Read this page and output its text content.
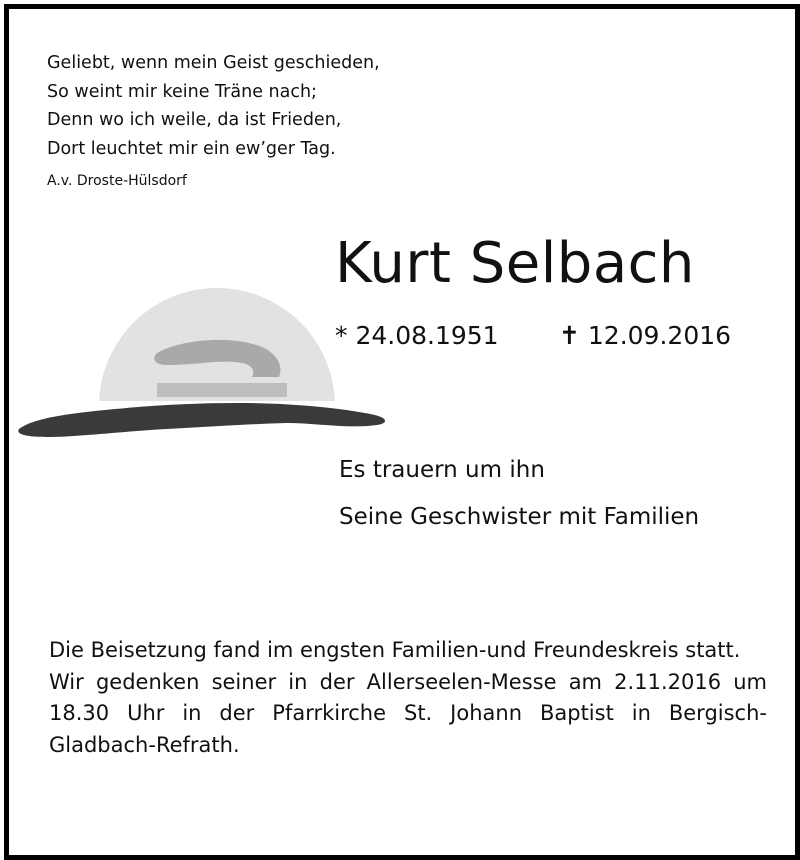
Geliebt, wenn mein Geist geschieden,
So weint mir keine Träne nach;
Denn wo ich weile, da ist Frieden,
Dort leuchtet mir ein ew’ger Tag.
A.v. Droste-Hülsdorf
Kurt Selbach
* 24.08.1951 ✝ 12.09.2016
Es trauern um ihn
Seine Geschwister mit Familien

Die Beisetzung fand im engsten Familien-und Freundeskreis statt.

Wir gedenken seiner in der Allerseelen-Messe am 2.11.2016 um 18.30 Uhr in der Pfarrkirche St. Johann Baptist in Bergisch-Gladbach-Refrath.
